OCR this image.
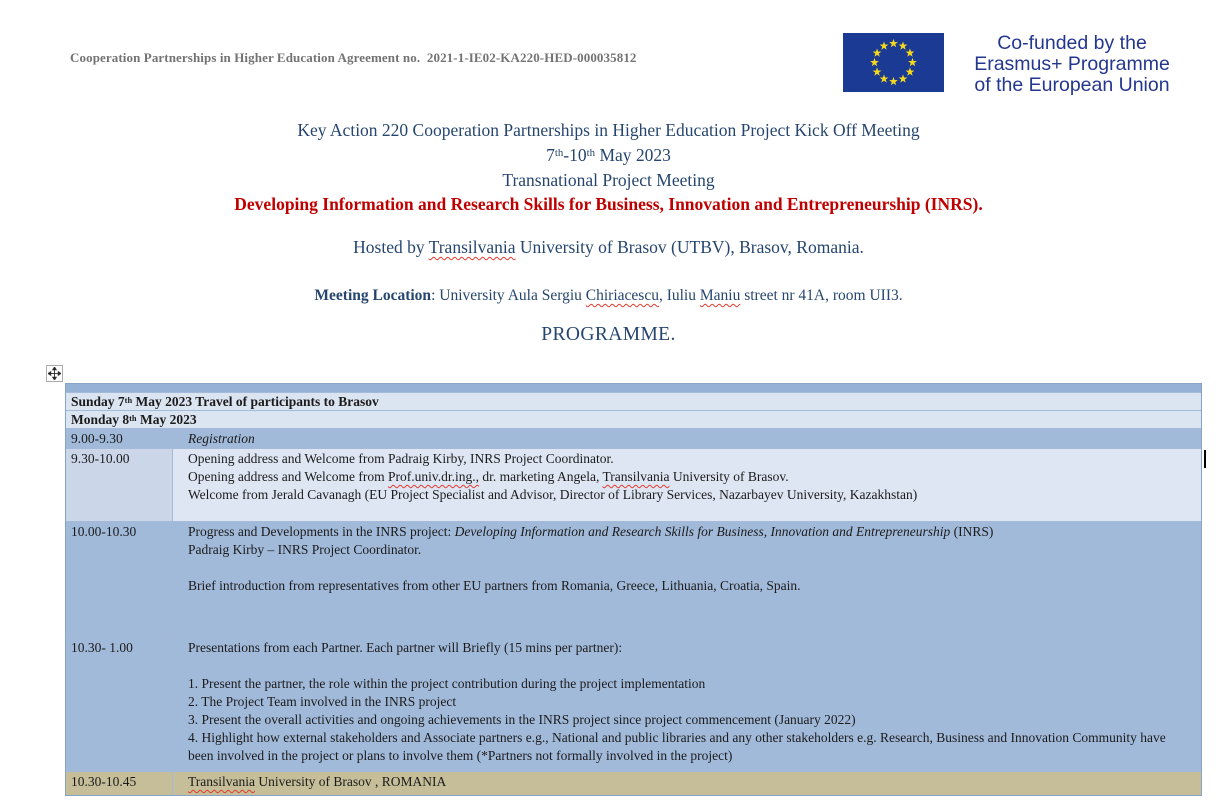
Cooperation Partnerships in Higher Education Agreement no.  2021-1-IE02-KA220-HED-000035812
Co-funded by the
Erasmus+ Programme
of the European Union
Key Action 220 Cooperation Partnerships in Higher Education Project Kick Off Meeting
7th-10th May 2023
Transnational Project Meeting
Developing Information and Research Skills for Business, Innovation and Entrepreneurship (INRS).
Hosted by Transilvania University of Brasov (UTBV), Brasov, Romania.
Meeting Location: University Aula Sergiu Chiriacescu, Iuliu Maniu street nr 41A, room UII3.
PROGRAMME.
Sunday 7th May 2023 Travel of participants to Brasov
Monday 8th May 2023
9.00-9.30	Registration
9.30-10.00	Opening address and Welcome from Padraig Kirby, INRS Project Coordinator.
Opening address and Welcome from Prof.univ.dr.ing., dr. marketing Angela, Transilvania University of Brasov.
Welcome from Jerald Cavanagh (EU Project Specialist and Advisor, Director of Library Services, Nazarbayev University, Kazakhstan)
10.00-10.30	Progress and Developments in the INRS project: Developing Information and Research Skills for Business, Innovation and Entrepreneurship (INRS)
Padraig Kirby – INRS Project Coordinator.
Brief introduction from representatives from other EU partners from Romania, Greece, Lithuania, Croatia, Spain.
10.30- 1.00	Presentations from each Partner. Each partner will Briefly (15 mins per partner):
1. Present the partner, the role within the project contribution during the project implementation
2. The Project Team involved in the INRS project
3. Present the overall activities and ongoing achievements in the INRS project since project commencement (January 2022)
4. Highlight how external stakeholders and Associate partners e.g., National and public libraries and any other stakeholders e.g. Research, Business and Innovation Community have been involved in the project or plans to involve them (*Partners not formally involved in the project)
10.30-10.45	Transilvania University of Brasov , ROMANIA
